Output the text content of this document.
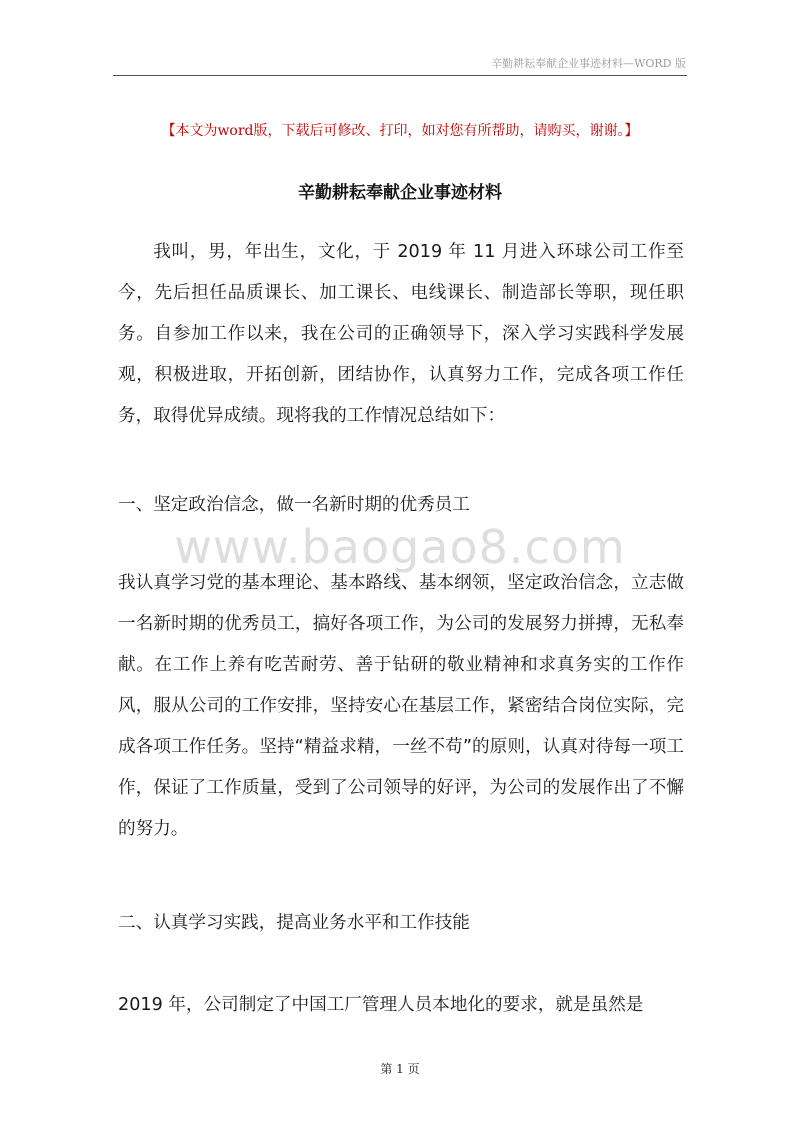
辛勤耕耘奉献企业事迹材料—WORD 版
【本文为word版，下载后可修改、打印，如对您有所帮助，请购买，谢谢。】
辛勤耕耘奉献企业事迹材料
我叫，男，年出生，文化，于 2019 年 11 月进入环球公司工作至今，先后担任品质课长、加工课长、电线课长、制造部长等职，现任职务。自参加工作以来，我在公司的正确领导下，深入学习实践科学发展观，积极进取，开拓创新，团结协作，认真努力工作，完成各项工作任务，取得优异成绩。现将我的工作情况总结如下：
一、坚定政治信念，做一名新时期的优秀员工
www.baogao8.com
我认真学习党的基本理论、基本路线、基本纲领，坚定政治信念，立志做一名新时期的优秀员工，搞好各项工作，为公司的发展努力拼搏，无私奉献。在工作上养有吃苦耐劳、善于钻研的敬业精神和求真务实的工作作风，服从公司的工作安排，坚持安心在基层工作，紧密结合岗位实际，完成各项工作任务。坚持“精益求精，一丝不苟”的原则，认真对待每一项工作，保证了工作质量，受到了公司领导的好评，为公司的发展作出了不懈的努力。
二、认真学习实践，提高业务水平和工作技能
2019 年，公司制定了中国工厂管理人员本地化的要求，就是虽然是
第 1 页
